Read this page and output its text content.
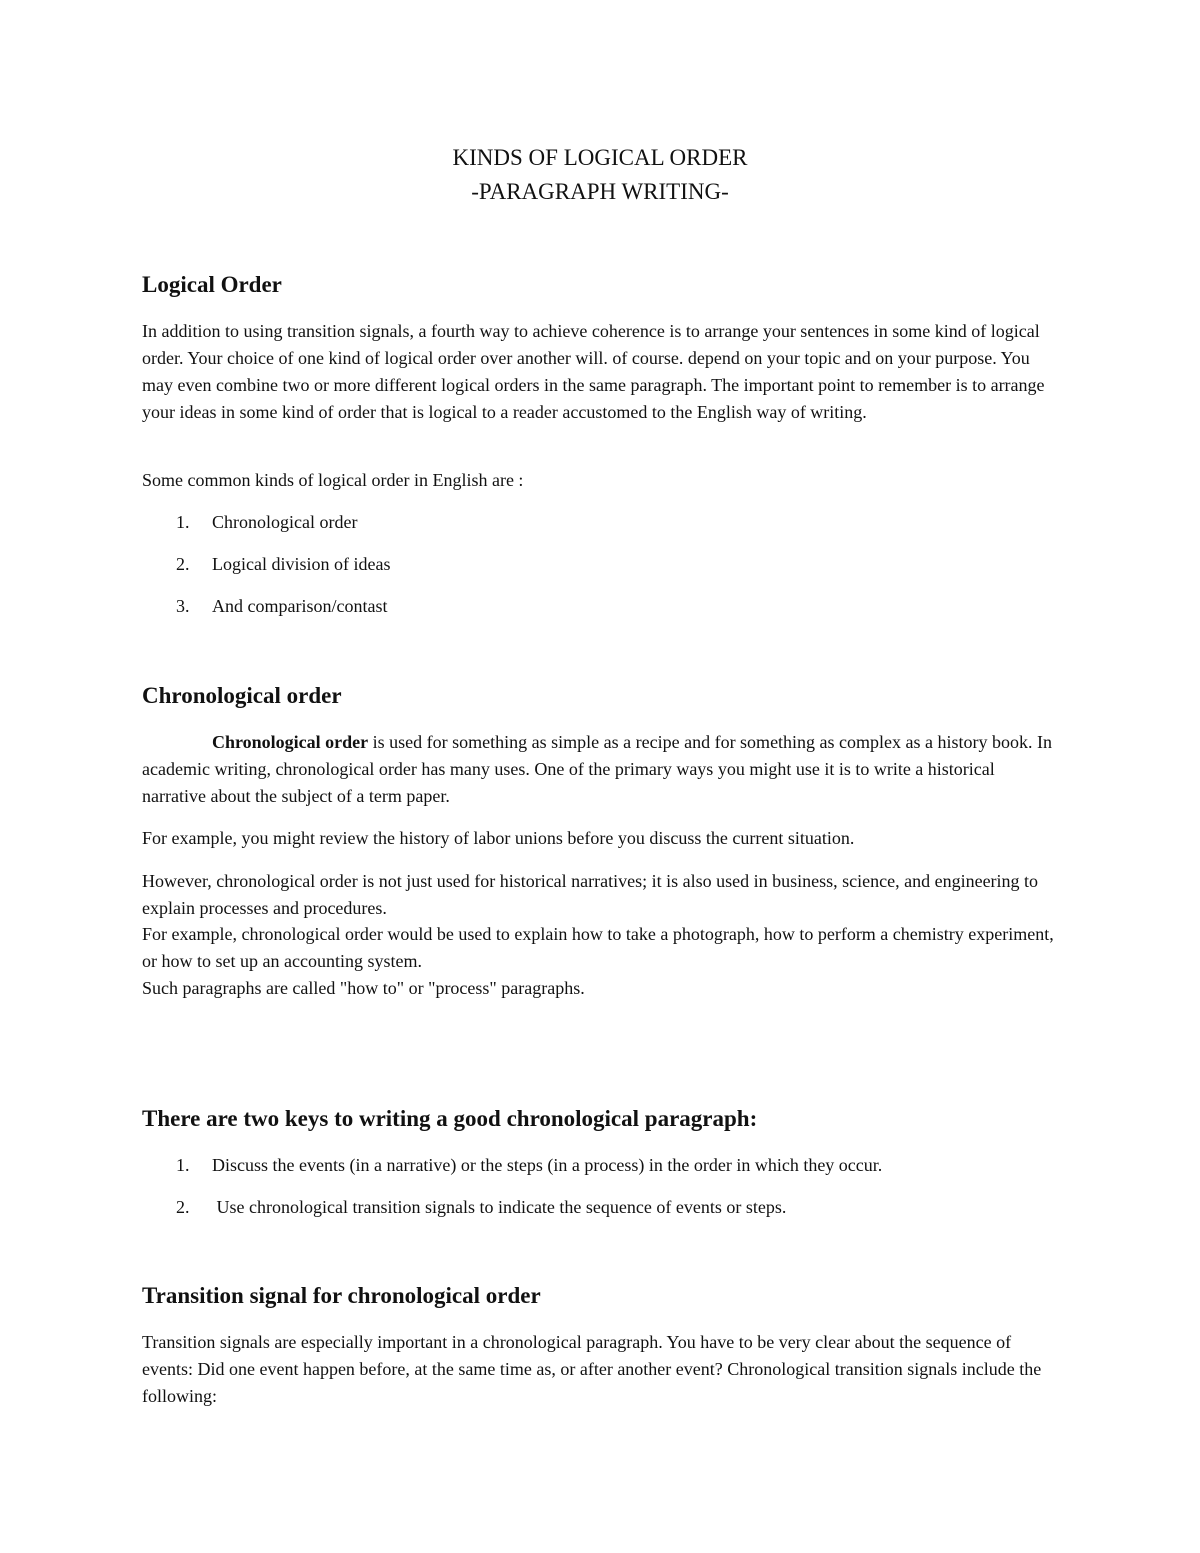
KINDS OF LOGICAL ORDER

-PARAGRAPH WRITING-

Logical Order

In addition to using transition signals, a fourth way to achieve coherence is to arrange your sentences in some kind of logical order. Your choice of one kind of logical order over another will. of course. depend on your topic and on your purpose. You may even combine two or more different logical orders in the same paragraph. The important point to remember is to arrange your ideas in some kind of order that is logical to a reader accustomed to the English way of writing.

Some common kinds of logical order in English are :

1. Chronological order

2. Logical division of ideas

3. And comparison/contast

Chronological order

Chronological order is used for something as simple as a recipe and for something as complex as a history book. In academic writing, chronological order has many uses. One of the primary ways you might use it is to write a historical narrative about the subject of a term paper.

For example, you might review the history of labor unions before you discuss the current situation.

However, chronological order is not just used for historical narratives; it is also used in business, science, and engineering to explain processes and procedures.

For example, chronological order would be used to explain how to take a photograph, how to perform a chemistry experiment, or how to set up an accounting system.

Such paragraphs are called "how to" or "process" paragraphs.

There are two keys to writing a good chronological paragraph:

1. Discuss the events (in a narrative) or the steps (in a process) in the order in which they occur.

2. Use chronological transition signals to indicate the sequence of events or steps.

Transition signal for chronological order

Transition signals are especially important in a chronological paragraph. You have to be very clear about the sequence of events: Did one event happen before, at the same time as, or after another event? Chronological transition signals include the following:
